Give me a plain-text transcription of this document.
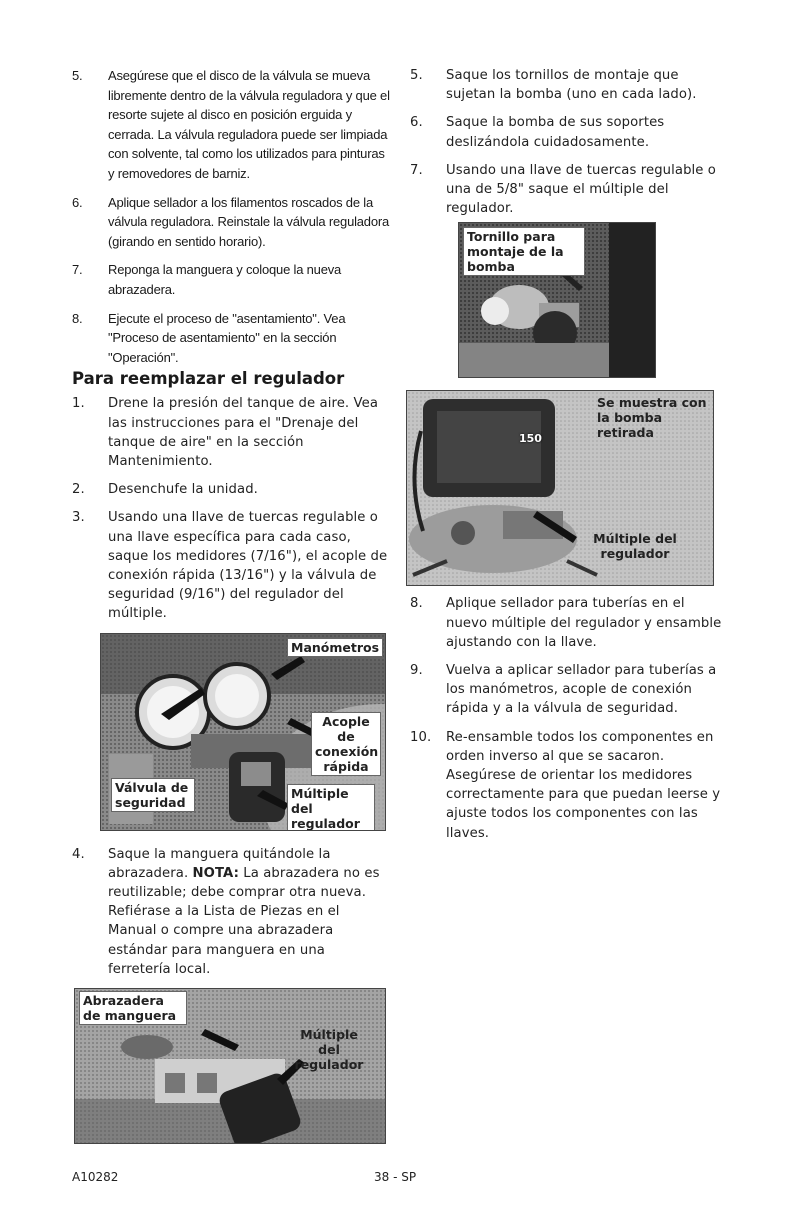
5.	Asegúrese que el disco de la válvula se mueva libremente dentro de la válvula reguladora y que el resorte sujete al disco en posición erguida y cerrada. La válvula reguladora puede ser limpiada con solvente, tal como los utilizados para pinturas y removedores de barniz.
6.	Aplique sellador a los filamentos roscados de la válvula reguladora. Reinstale la válvula reguladora (girando en sentido horario).
7.	Reponga la manguera y coloque la nueva abrazadera.
8.	Ejecute el proceso de "asentamiento". Vea "Proceso de asentamiento" en la sección "Operación".
Para reemplazar el regulador
1.	Drene la presión del tanque de aire. Vea las instrucciones para el "Drenaje del tanque de aire" en la sección Mantenimiento.
2.	Desenchufe la unidad.
3.	Usando una llave de tuercas regulable o una llave específica para cada caso, saque los medidores (7/16"), el acople de conexión rápida (13/16") y la válvula de seguridad (9/16") del regulador del múltiple.
Manómetros
Acople de conexión rápida
Válvula de seguridad
Múltiple del regulador
4.	Saque la manguera quitándole la abrazadera. NOTA: La abrazadera no es reutilizable; debe comprar otra nueva. Refiérase a la Lista de Piezas en el Manual o compre una abrazadera estándar para manguera en una ferretería local.
Abrazadera de manguera
Múltiple del regulador
5.	Saque los tornillos de montaje que sujetan la bomba (uno en cada lado).
6.	Saque la bomba de sus soportes deslizándola cuidadosamente.
7.	Usando una llave de tuercas regulable o una de 5/8" saque el múltiple del regulador.
Tornillo para montaje de la bomba
150
Se muestra con la bomba retirada
Múltiple del regulador
8.	Aplique sellador para tuberías en el nuevo múltiple del regulador y ensamble ajustando con la llave.
9.	Vuelva a aplicar sellador para tuberías a los manómetros, acople de conexión rápida y a la válvula de seguridad.
10.	Re-ensamble todos los componentes en orden inverso al que se sacaron. Asegúrese de orientar los medidores correctamente para que puedan leerse y ajuste todos los componentes con las llaves.
A10282	38 - SP
